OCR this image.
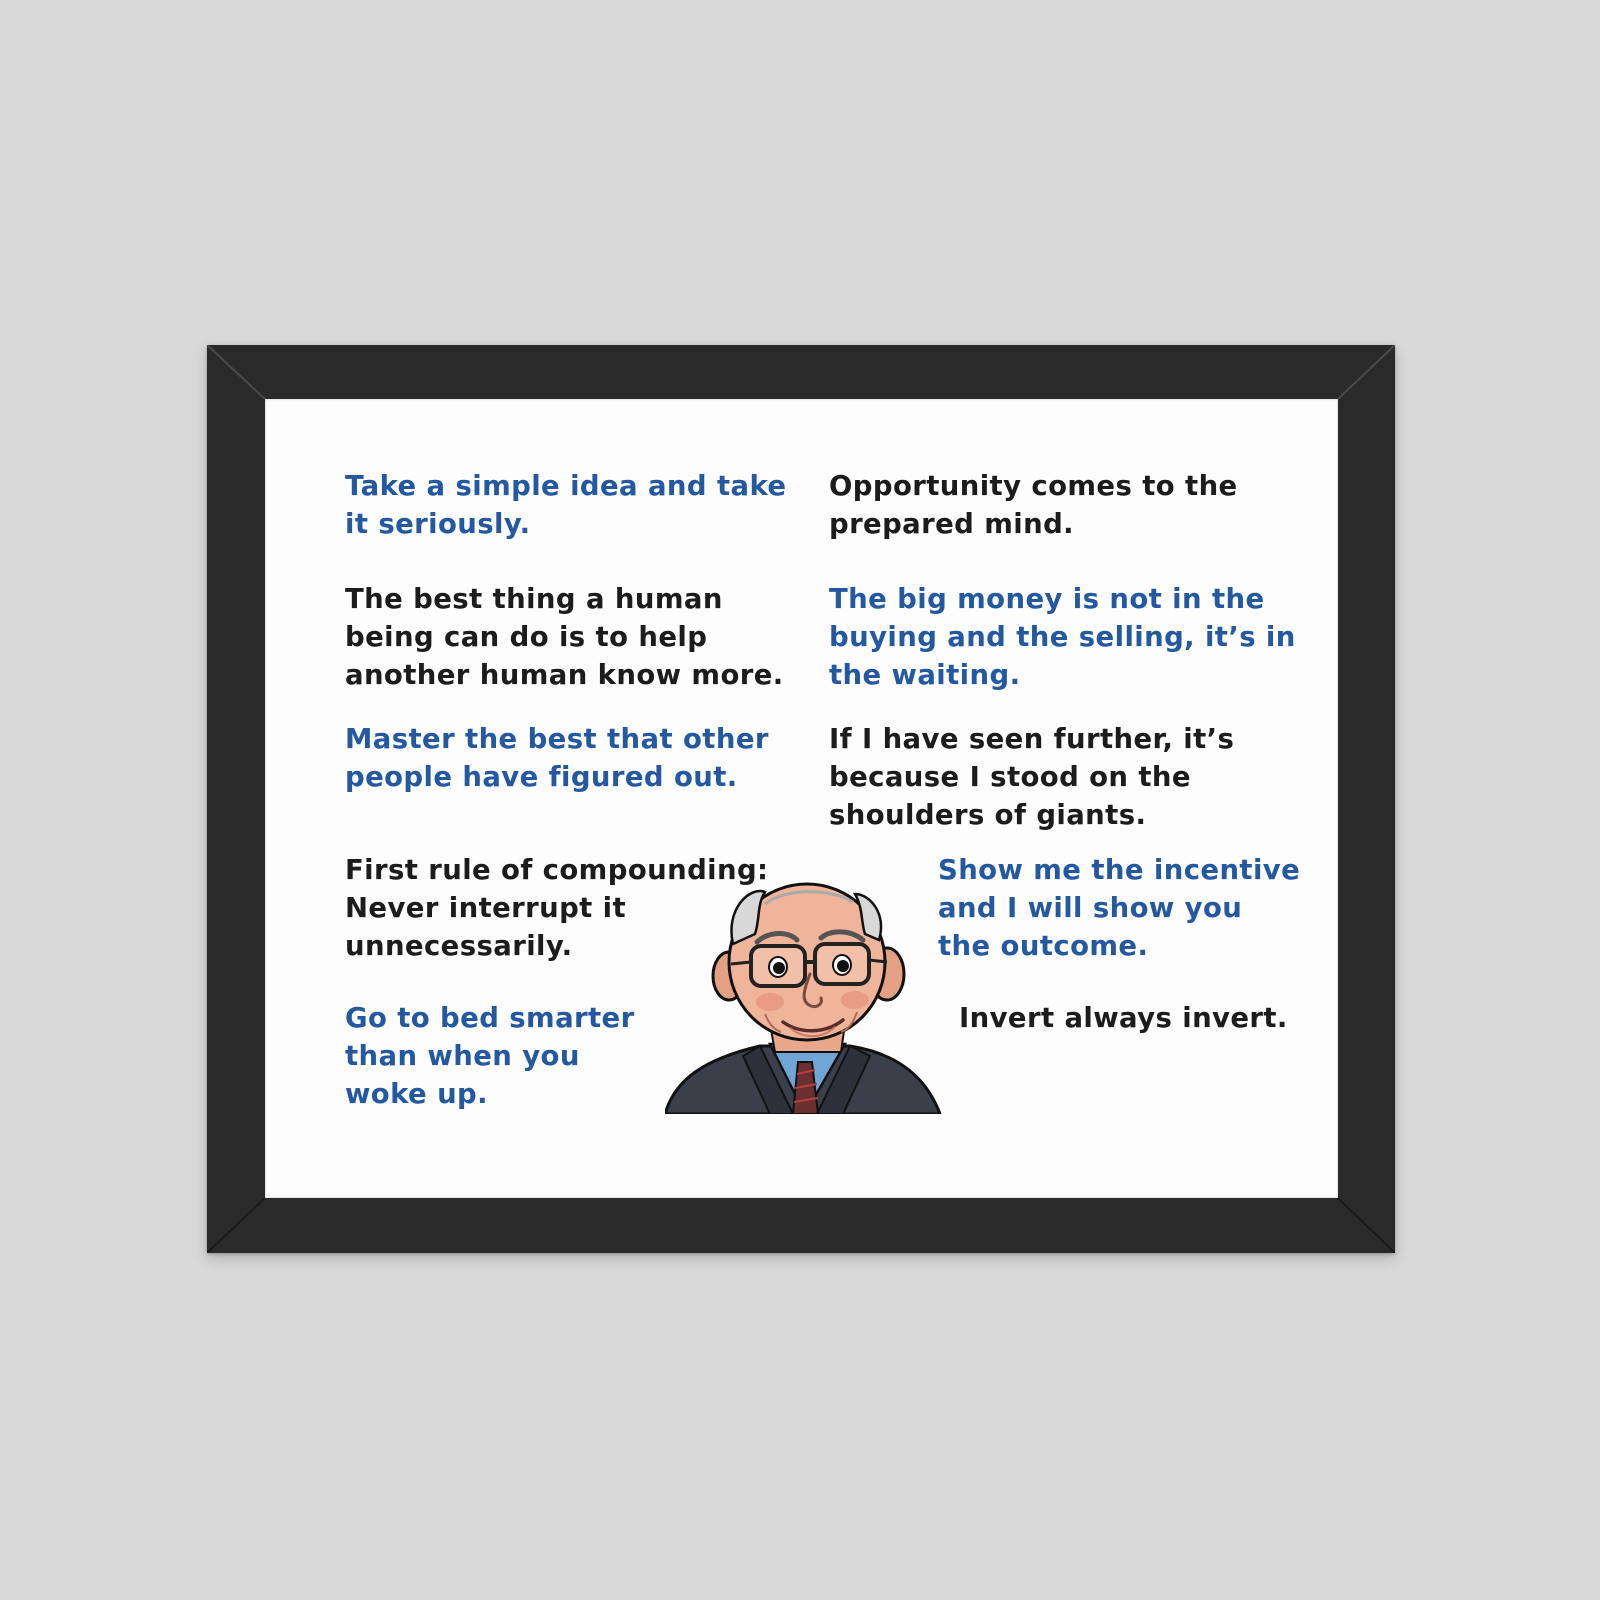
Take a simple idea and take
it seriously.

Opportunity comes to the
prepared mind.

The best thing a human
being can do is to help
another human know more.

The big money is not in the
buying and the selling, it’s in
the waiting.

Master the best that other
people have figured out.

If I have seen further, it’s
because I stood on the
shoulders of giants.

First rule of compounding:
Never interrupt it
unnecessarily.

Show me the incentive
and I will show you
the outcome.

Go to bed smarter
than when you
woke up.

Invert always invert.
